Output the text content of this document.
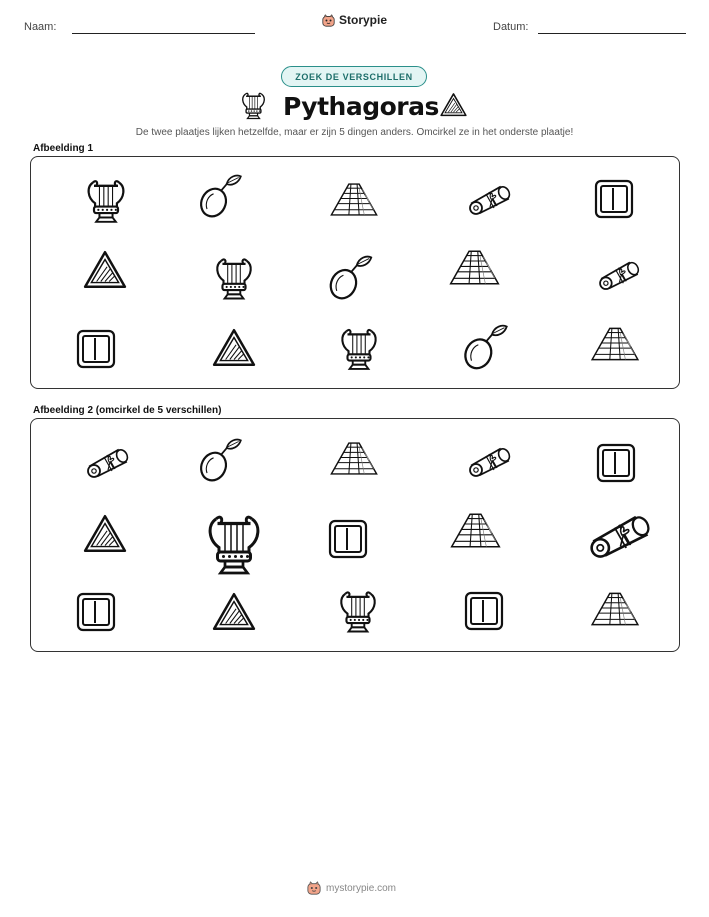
Naam:	Storypie	Datum:
ZOEK DE VERSCHILLEN
Pythagoras
De twee plaatjes lijken hetzelfde, maar er zijn 5 dingen anders. Omcirkel ze in het onderste plaatje!
Afbeelding 1
Afbeelding 2 (omcirkel de 5 verschillen)
mystorypie.com
